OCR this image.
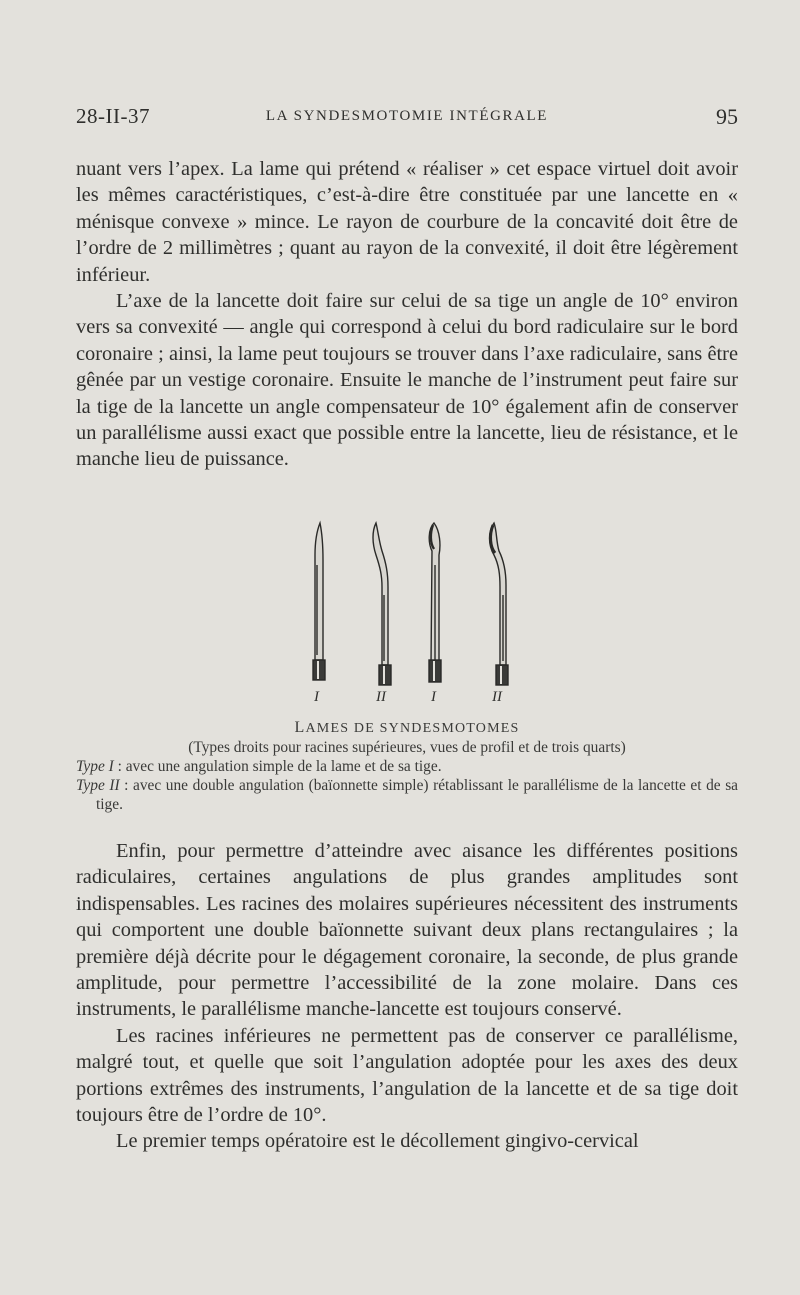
28-II-37	LA SYNDESMOTOMIE INTÉGRALE	95

nuant vers l’apex. La lame qui prétend « réaliser » cet espace virtuel doit avoir les mêmes caractéristiques, c’est-à-dire être constituée par une lancette en « ménisque convexe » mince. Le rayon de courbure de la concavité doit être de l’ordre de 2 millimètres ; quant au rayon de la convexité, il doit être légèrement inférieur.

L’axe de la lancette doit faire sur celui de sa tige un angle de 10° environ vers sa convexité — angle qui correspond à celui du bord radiculaire sur le bord coronaire ; ainsi, la lame peut toujours se trouver dans l’axe radiculaire, sans être gênée par un vestige coronaire. Ensuite le manche de l’instrument peut faire sur la tige de la lancette un angle compensateur de 10° également afin de conserver un parallélisme aussi exact que possible entre la lancette, lieu de résistance, et le manche lieu de puissance.

I	II	I	II
LAMES DE SYNDESMOTOMES
(Types droits pour racines supérieures, vues de profil et de trois quarts)
Type I : avec une angulation simple de la lame et de sa tige.
Type II : avec une double angulation (baïonnette simple) rétablissant le parallélisme de la lancette et de sa tige.

Enfin, pour permettre d’atteindre avec aisance les différentes positions radiculaires, certaines angulations de plus grandes amplitudes sont indispensables. Les racines des molaires supérieures nécessitent des instruments qui comportent une double baïonnette suivant deux plans rectangulaires ; la première déjà décrite pour le dégagement coronaire, la seconde, de plus grande amplitude, pour permettre l’accessibilité de la zone molaire. Dans ces instruments, le parallélisme manche-lancette est toujours conservé.

Les racines inférieures ne permettent pas de conserver ce parallélisme, malgré tout, et quelle que soit l’angulation adoptée pour les axes des deux portions extrêmes des instruments, l’angulation de la lancette et de sa tige doit toujours être de l’ordre de 10°.

Le premier temps opératoire est le décollement gingivo-cervical
